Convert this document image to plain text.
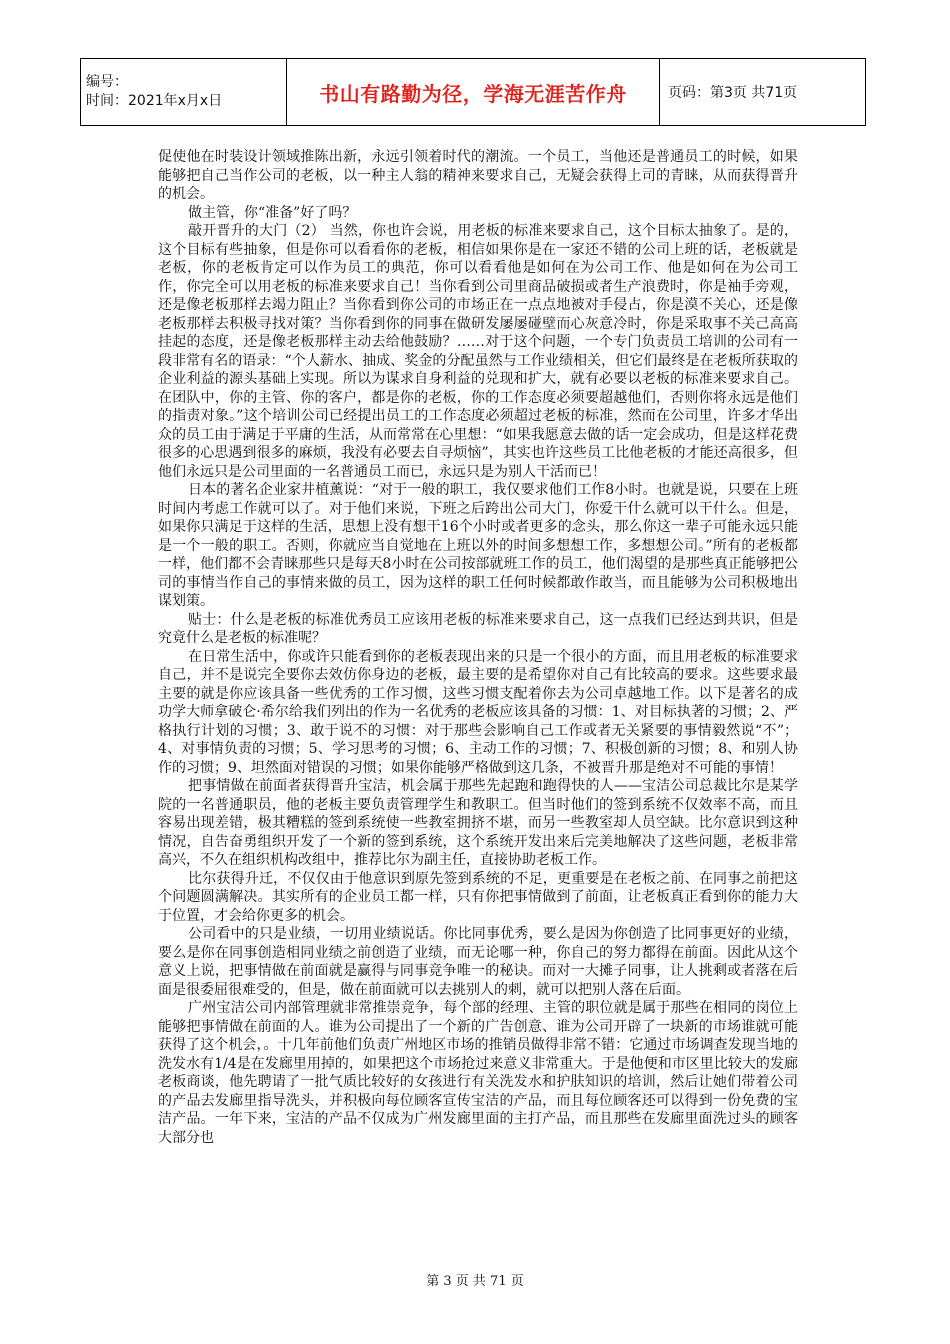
编号：
时间：2021年x月x日	书山有路勤为径，学海无涯苦作舟	页码：第3页 共71页

促使他在时装设计领域推陈出新，永远引领着时代的潮流。一个员工，当他还是普通员工的时候，如果能够把自己当作公司的老板，以一种主人翁的精神来要求自己，无疑会获得上司的青睐，从而获得晋升的机会。

做主管，你“准备”好了吗？

敲开晋升的大门（2） 当然，你也许会说，用老板的标准来要求自己，这个目标太抽象了。是的，这个目标有些抽象，但是你可以看看你的老板，相信如果你是在一家还不错的公司上班的话，老板就是老板，你的老板肯定可以作为员工的典范，你可以看看他是如何在为公司工作、他是如何在为公司工作，你完全可以用老板的标准来要求自己！当你看到公司里商品破损或者生产浪费时，你是袖手旁观，还是像老板那样去竭力阻止？当你看到你公司的市场正在一点点地被对手侵占，你是漠不关心，还是像老板那样去积极寻找对策？当你看到你的同事在做研发屡屡碰壁而心灰意冷时，你是采取事不关己高高挂起的态度，还是像老板那样主动去给他鼓励？……对于这个问题，一个专门负责员工培训的公司有一段非常有名的语录：“个人薪水、抽成、奖金的分配虽然与工作业绩相关，但它们最终是在老板所获取的企业利益的源头基础上实现。所以为谋求自身利益的兑现和扩大，就有必要以老板的标准来要求自己。在团队中，你的主管、你的客户，都是你的老板，你的工作态度必须要超越他们，否则你将永远是他们的指责对象。”这个培训公司已经提出员工的工作态度必须超过老板的标准，然而在公司里，许多才华出众的员工由于满足于平庸的生活，从而常常在心里想：“如果我愿意去做的话一定会成功，但是这样花费很多的心思遇到很多的麻烦，我没有必要去自寻烦恼”，其实也许这些员工比他老板的才能还高很多，但他们永远只是公司里面的一名普通员工而已，永远只是为别人干活而已！

日本的著名企业家井植薰说：“对于一般的职工，我仅要求他们工作8小时。也就是说，只要在上班时间内考虑工作就可以了。对于他们来说，下班之后跨出公司大门，你爱干什么就可以干什么。但是，如果你只满足于这样的生活，思想上没有想干16个小时或者更多的念头，那么你这一辈子可能永远只能是一个一般的职工。否则，你就应当自觉地在上班以外的时间多想想工作，多想想公司。”所有的老板都一样，他们都不会青睐那些只是每天8小时在公司按部就班工作的员工，他们渴望的是那些真正能够把公司的事情当作自己的事情来做的员工，因为这样的职工任何时候都敢作敢当，而且能够为公司积极地出谋划策。

贴士：什么是老板的标准优秀员工应该用老板的标准来要求自己，这一点我们已经达到共识，但是究竟什么是老板的标准呢？

在日常生活中，你或许只能看到你的老板表现出来的只是一个很小的方面，而且用老板的标准要求自己，并不是说完全要你去效仿你身边的老板，最主要的是希望你对自己有比较高的要求。这些要求最主要的就是你应该具备一些优秀的工作习惯，这些习惯支配着你去为公司卓越地工作。以下是著名的成功学大师拿破仑·希尔给我们列出的作为一名优秀的老板应该具备的习惯：1、对目标执著的习惯；2、严格执行计划的习惯；3、敢于说不的习惯：对于那些会影响自己工作或者无关紧要的事情毅然说“不”；4、对事情负责的习惯；5、学习思考的习惯；6、主动工作的习惯；7、积极创新的习惯；8、和别人协作的习惯；9、坦然面对错误的习惯；如果你能够严格做到这几条，不被晋升那是绝对不可能的事情！

把事情做在前面者获得晋升宝洁，机会属于那些先起跑和跑得快的人——宝洁公司总裁比尔是某学院的一名普通职员，他的老板主要负责管理学生和教职工。但当时他们的签到系统不仅效率不高，而且容易出现差错，极其糟糕的签到系统使一些教室拥挤不堪，而另一些教室却人员空缺。比尔意识到这种情况，自告奋勇组织开发了一个新的签到系统，这个系统开发出来后完美地解决了这些问题，老板非常高兴，不久在组织机构改组中，推荐比尔为副主任，直接协助老板工作。

比尔获得升迁，不仅仅由于他意识到原先签到系统的不足，更重要是在老板之前、在同事之前把这个问题圆满解决。其实所有的企业员工都一样，只有你把事情做到了前面，让老板真正看到你的能力大于位置，才会给你更多的机会。

公司看中的只是业绩，一切用业绩说话。你比同事优秀，要么是因为你创造了比同事更好的业绩，要么是你在同事创造相同业绩之前创造了业绩，而无论哪一种，你自己的努力都得在前面。因此从这个意义上说，把事情做在前面就是赢得与同事竞争唯一的秘诀。而对一大摊子同事，让人挑剩或者落在后面是很委屈很难受的，但是，做在前面就可以去挑别人的刺，就可以把别人落在后面。

广州宝洁公司内部管理就非常推崇竞争，每个部的经理、主管的职位就是属于那些在相同的岗位上能够把事情做在前面的人。谁为公司提出了一个新的广告创意、谁为公司开辟了一块新的市场谁就可能获得了这个机会，。十几年前他们负责广州地区市场的推销员做得非常不错：它通过市场调查发现当地的洗发水有1/4是在发廊里用掉的，如果把这个市场抢过来意义非常重大。于是他便和市区里比较大的发廊老板商谈，他先聘请了一批气质比较好的女孩进行有关洗发水和护肤知识的培训，然后让她们带着公司的产品去发廊里指导洗头，并积极向每位顾客宣传宝洁的产品，而且每位顾客还可以得到一份免费的宝洁产品。一年下来，宝洁的产品不仅成为广州发廊里面的主打产品，而且那些在发廊里面洗过头的顾客大部分也

第 3 页 共 71 页
